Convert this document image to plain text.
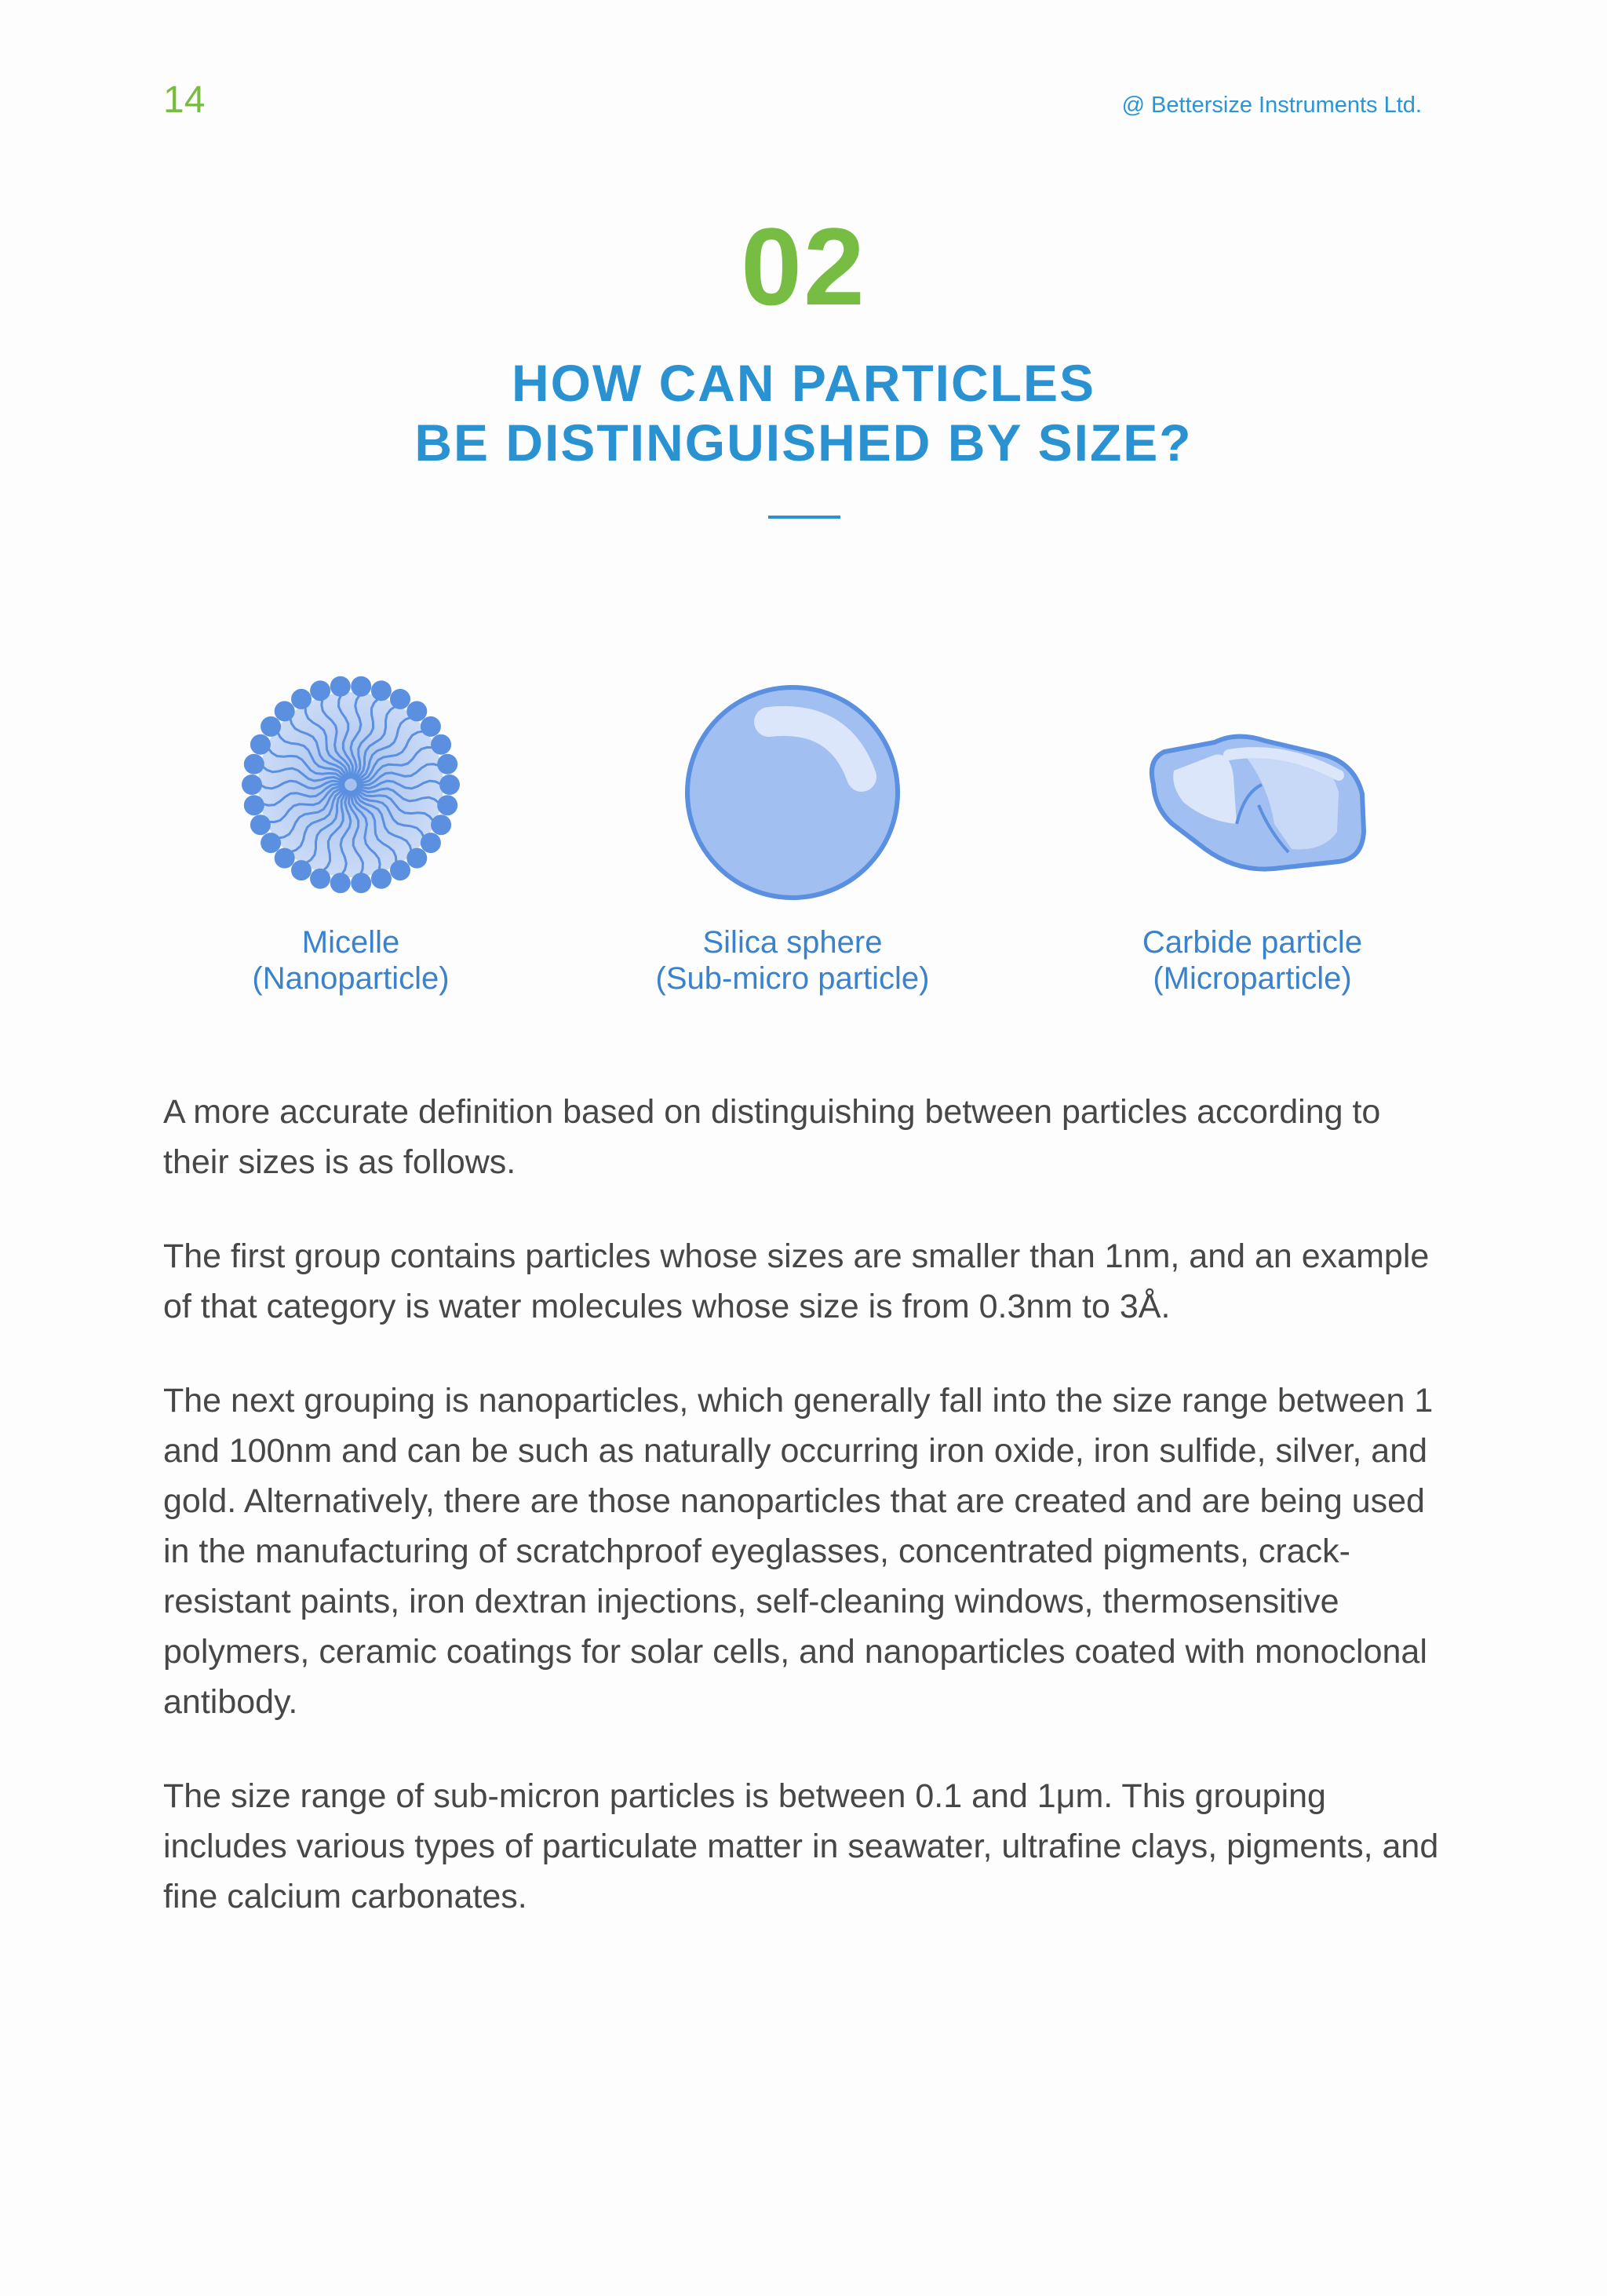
14	@ Bettersize Instruments Ltd.
02
HOW CAN PARTICLES
BE DISTINGUISHED BY SIZE?
Micelle
(Nanoparticle)
Silica sphere
(Sub-micro particle)
Carbide particle
(Microparticle)

A more accurate definition based on distinguishing between particles according to their sizes is as follows.

The first group contains particles whose sizes are smaller than 1nm, and an example of that category is water molecules whose size is from 0.3nm to 3Å.

The next grouping is nanoparticles, which generally fall into the size range between 1 and 100nm and can be such as naturally occurring iron oxide, iron sulfide, silver, and gold. Alternatively, there are those nanoparticles that are created and are being used in the manufacturing of scratchproof eyeglasses, concentrated pigments, crack-resistant paints, iron dextran injections, self-cleaning windows, thermosensitive polymers, ceramic coatings for solar cells, and nanoparticles coated with monoclonal antibody.

The size range of sub-micron particles is between 0.1 and 1μm. This grouping includes various types of particulate matter in seawater, ultrafine clays, pigments, and fine calcium carbonates.
